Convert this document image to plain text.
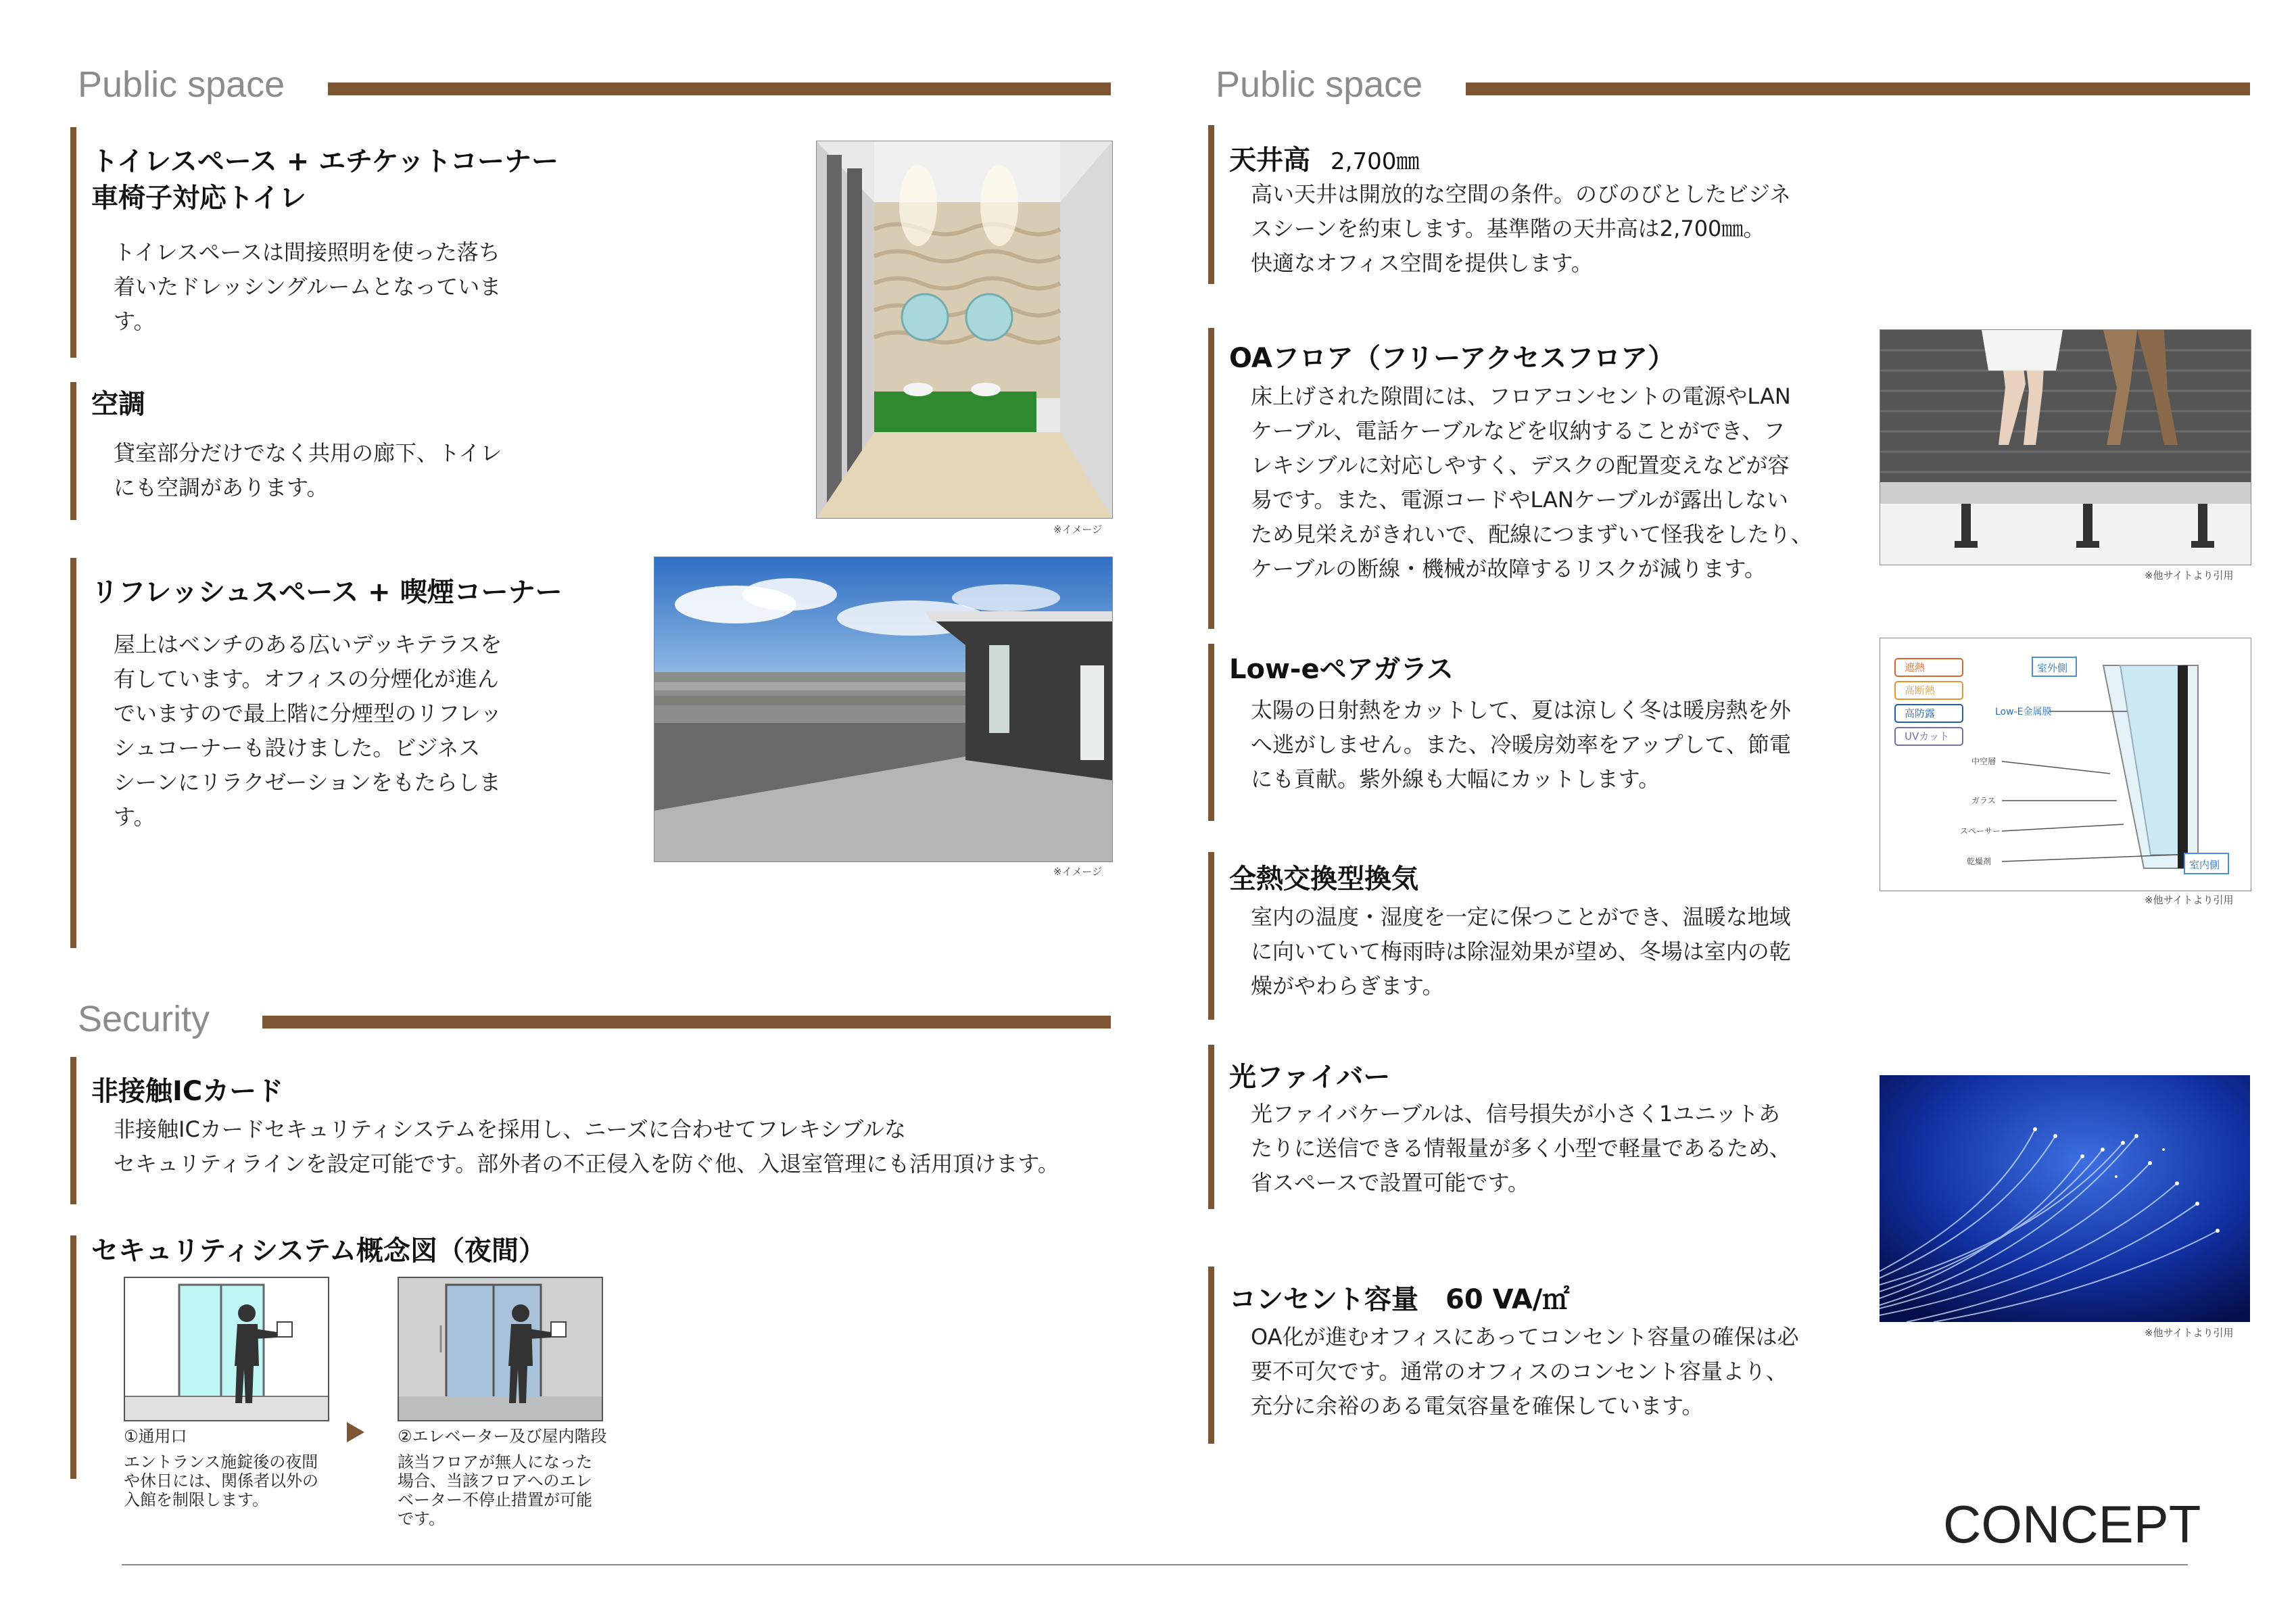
Public space
トイレスペース + エチケットコーナー
車椅子対応トイレ
トイレスペースは間接照明を使った落ち
着いたドレッシングルームとなっていま
す。
※イメージ
空調
貸室部分だけでなく共用の廊下、トイレ
にも空調があります。
リフレッシュスペース + 喫煙コーナー
屋上はベンチのある広いデッキテラスを
有しています。オフィスの分煙化が進ん
でいますので最上階に分煙型のリフレッ
シュコーナーも設けました。ビジネス
シーンにリラクゼーションをもたらしま
す。
※イメージ
Security
非接触ICカード
非接触ICカードセキュリティシステムを採用し、ニーズに合わせてフレキシブルな
セキュリティラインを設定可能です。部外者の不正侵入を防ぐ他、入退室管理にも活用頂けます。
セキュリティシステム概念図（夜間）
①通用口
エントランス施錠後の夜間
や休日には、関係者以外の
入館を制限します。
②エレベーター及び屋内階段
該当フロアが無人になった
場合、当該フロアへのエレ
ベーター不停止措置が可能
です。
Public space
天井高 2,700㎜
高い天井は開放的な空間の条件。のびのびとしたビジネ
スシーンを約束します。基準階の天井高は2,700㎜。
快適なオフィス空間を提供します。
OAフロア（フリーアクセスフロア）
床上げされた隙間には、フロアコンセントの電源やLAN
ケーブル、電話ケーブルなどを収納することができ、フ
レキシブルに対応しやすく、デスクの配置変えなどが容
易です。また、電源コードやLANケーブルが露出しない
ため見栄えがきれいで、配線につまずいて怪我をしたり、
ケーブルの断線・機械が故障するリスクが減ります。	※他サイトより引用
Low-eペアガラス
太陽の日射熱をカットして、夏は涼しく冬は暖房熱を外
へ逃がしません。また、冷暖房効率をアップして、節電
にも貢献。紫外線も大幅にカットします。
遮熱
高断熱
高防露
UVカット
室外側
室内側
Low-E金属膜
中空層
ガラス
スペーサー
乾燥剤
※他サイトより引用
全熱交換型換気
室内の温度・湿度を一定に保つことができ、温暖な地域
に向いていて梅雨時は除湿効果が望め、冬場は室内の乾
燥がやわらぎます。
光ファイバー
光ファイバケーブルは、信号損失が小さく1ユニットあ
たりに送信できる情報量が多く小型で軽量であるため、
省スペースで設置可能です。
※他サイトより引用
コンセント容量　60 VA/㎡
OA化が進むオフィスにあってコンセント容量の確保は必
要不可欠です。通常のオフィスのコンセント容量より、
充分に余裕のある電気容量を確保しています。
CONCEPT
